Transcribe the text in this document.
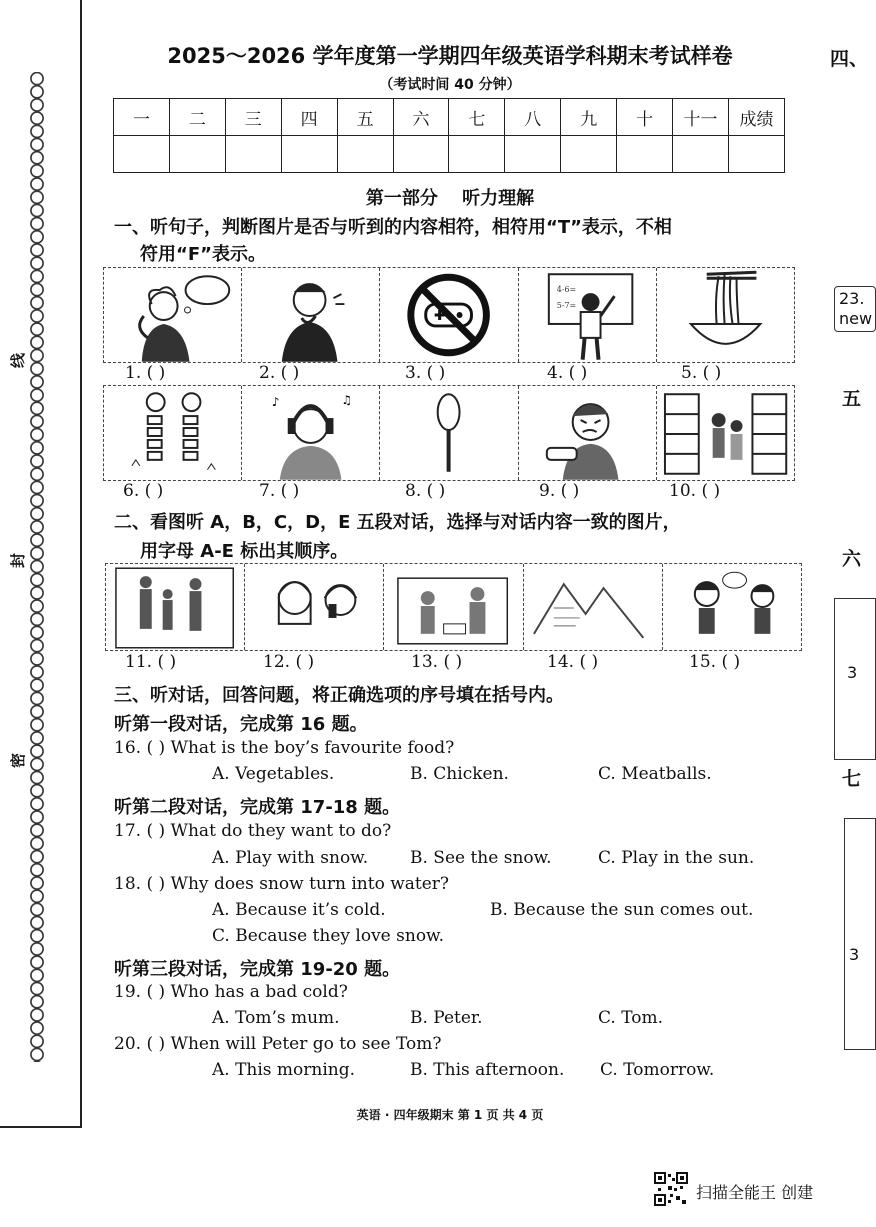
线
封
密
2025～2026 学年度第一学期四年级英语学科期末考试样卷
（考试时间 40 分钟）
一	二	三	四	五	六	七	八	九	十	十一	成绩

第一部分 听力理解
一、听句子，判断图片是否与听到的内容相符，相符用“T”表示，不相
符用“F”表示。
4-6=
5-7=
1. ( )	2. ( )	3. ( )	4. ( )	5. ( )
♪	♫
6. ( )	7. ( )	8. ( )	9. ( )	10. ( )
二、看图听 A，B，C，D，E 五段对话，选择与对话内容一致的图片，
用字母 A-E 标出其顺序。
11. ( )	12. ( )	13. ( )	14. ( )	15. ( )
三、听对话，回答问题，将正确选项的序号填在括号内。
听第一段对话，完成第 16 题。
16. ( ) What is the boy’s favourite food?
A. Vegetables.	B. Chicken.	C. Meatballs.
听第二段对话，完成第 17-18 题。
17. ( ) What do they want to do?
A. Play with snow. B. See the snow.	C. Play in the sun.
18. ( ) Why does snow turn into water?
A. Because it’s cold.	B. Because the sun comes out.
C. Because they love snow.
听第三段对话，完成第 19-20 题。
19. ( ) Who has a bad cold?
A. Tom’s mum.	B. Peter.	C. Tom.
20. ( ) When will Peter go to see Tom?
A. This morning.	B. This afternoon. C. Tomorrow.
英语 · 四年级期末 第 1 页 共 4 页
四、
23.
new
五
六
3
七
3
扫描全能王 创建
